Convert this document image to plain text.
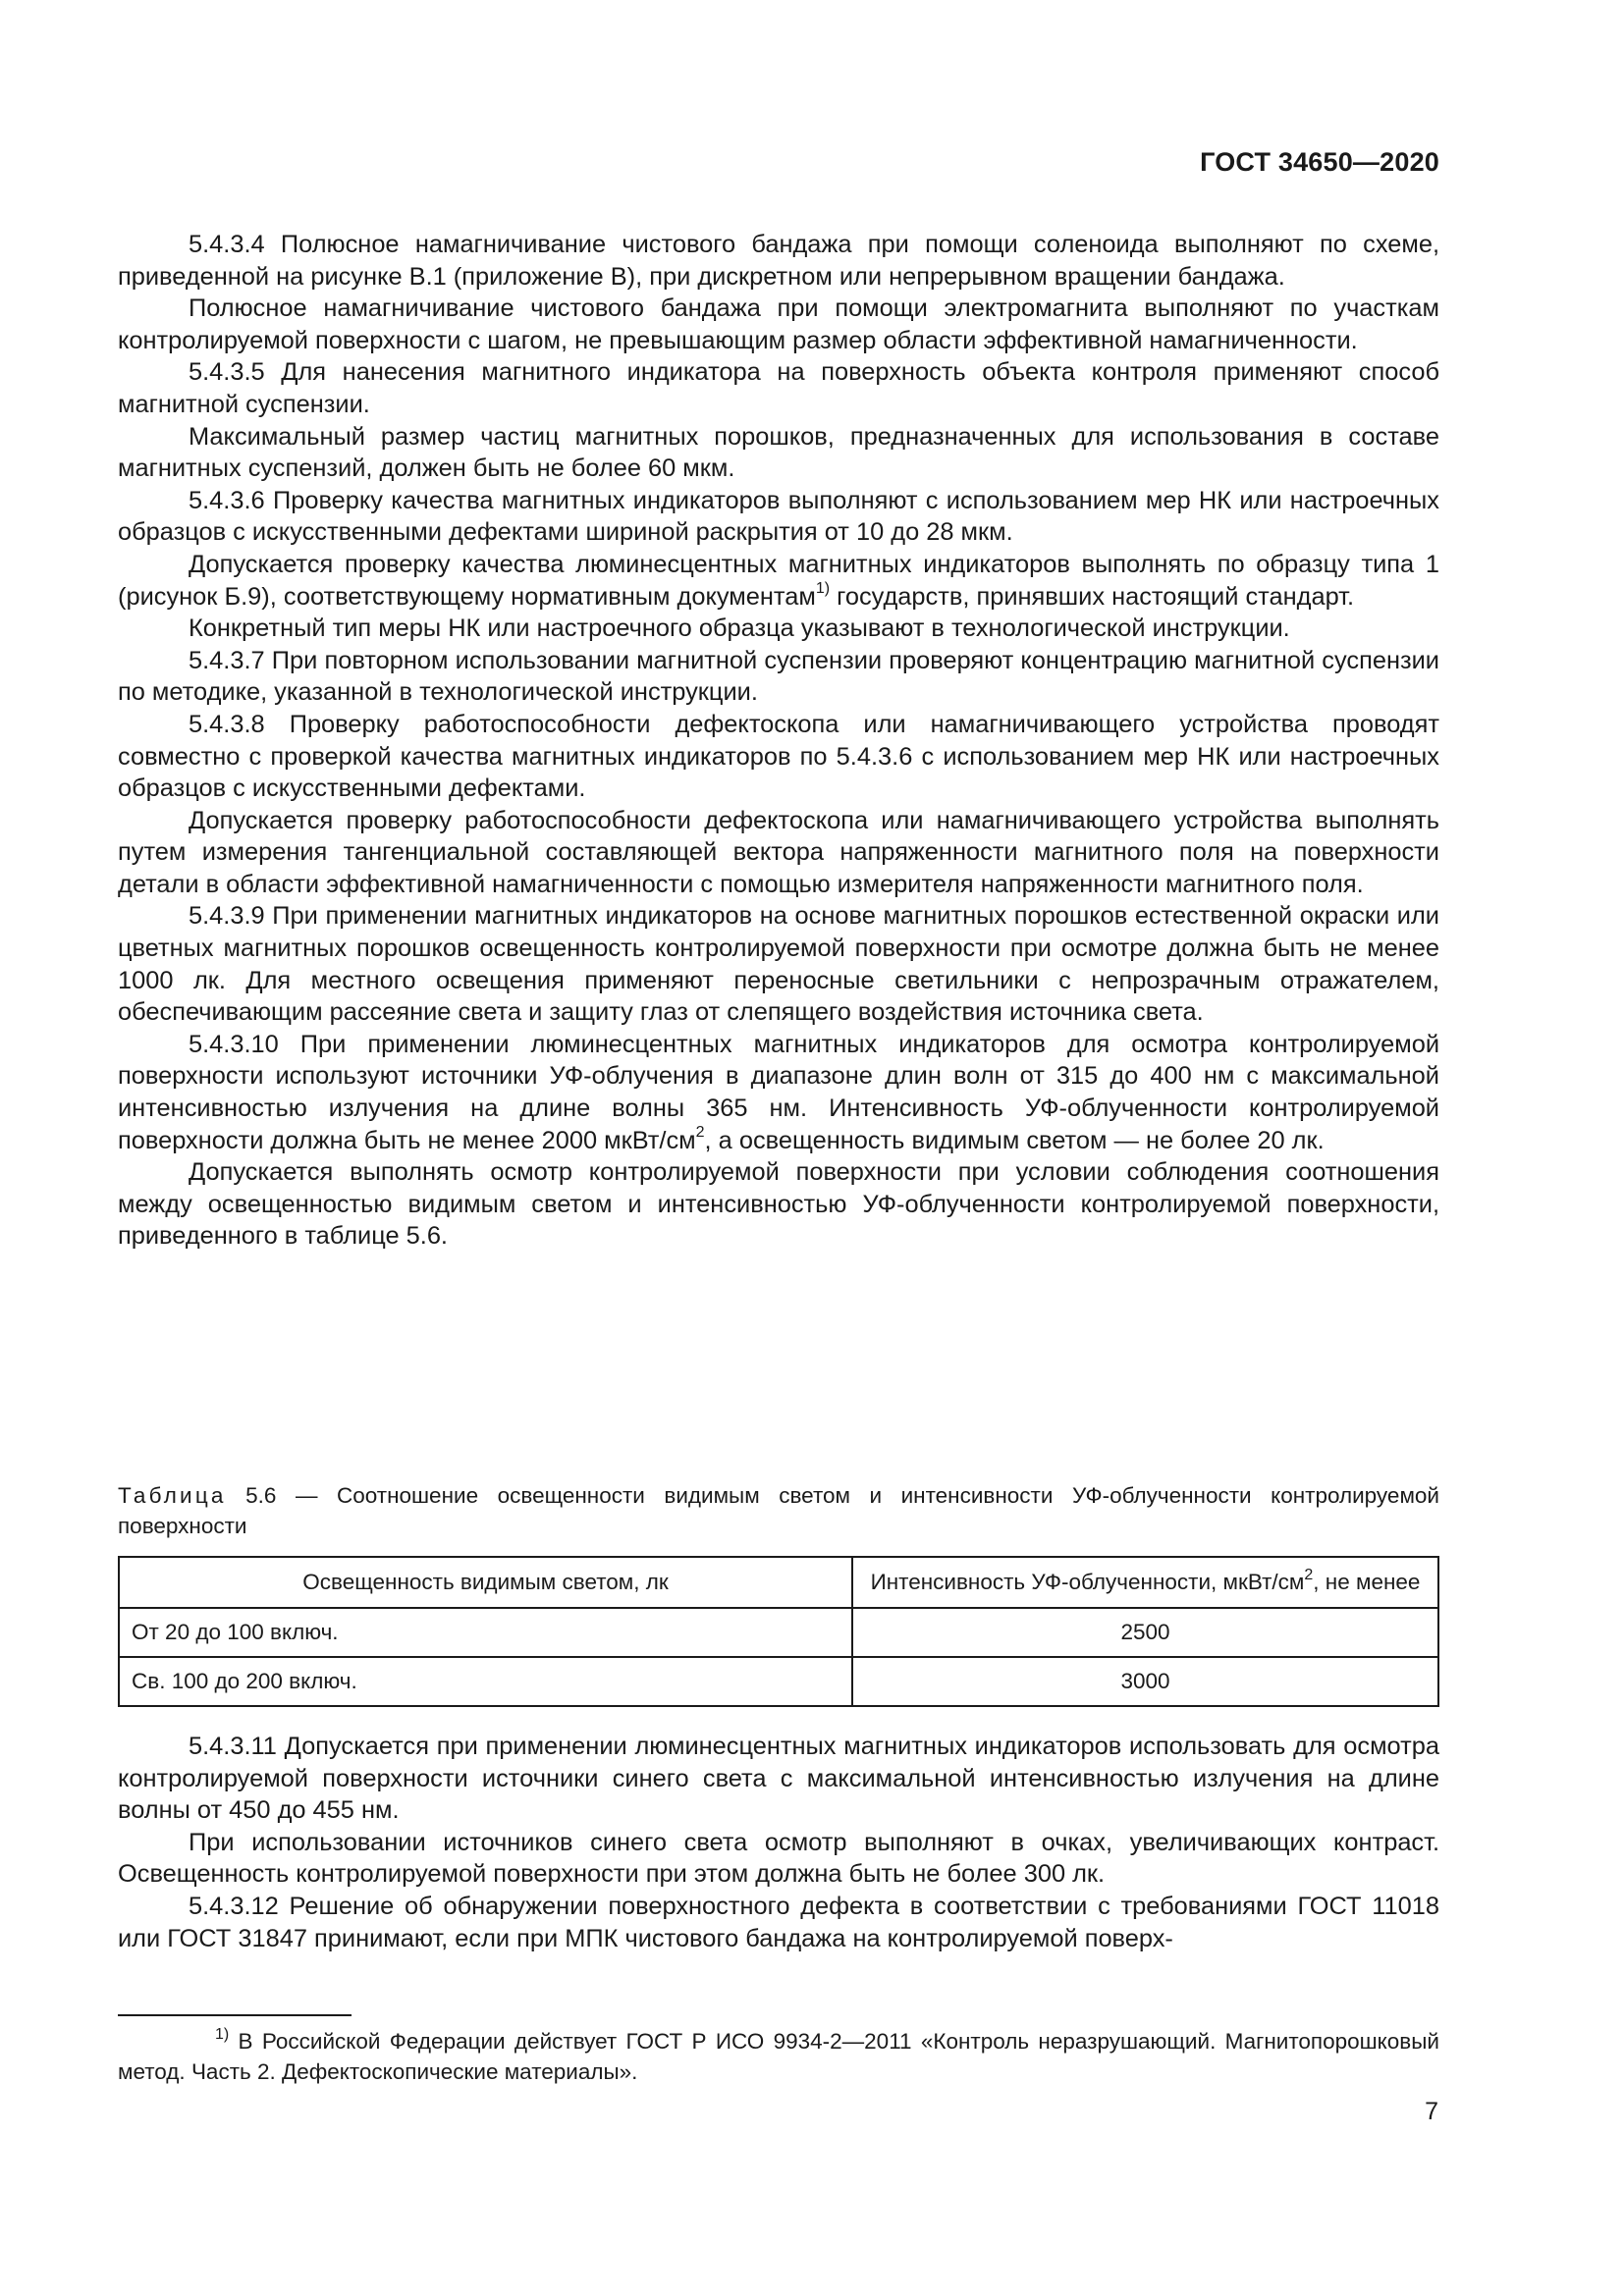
ГОСТ 34650—2020

5.4.3.4 Полюсное намагничивание чистового бандажа при помощи соленоида выполняют по схеме, приведенной на рисунке В.1 (приложение В), при дискретном или непрерывном вращении бандажа.

Полюсное намагничивание чистового бандажа при помощи электромагнита выполняют по участкам контролируемой поверхности с шагом, не превышающим размер области эффективной намагниченности.

5.4.3.5 Для нанесения магнитного индикатора на поверхность объекта контроля применяют способ магнитной суспензии.

Максимальный размер частиц магнитных порошков, предназначенных для использования в составе магнитных суспензий, должен быть не более 60 мкм.

5.4.3.6 Проверку качества магнитных индикаторов выполняют с использованием мер НК или настроечных образцов с искусственными дефектами шириной раскрытия от 10 до 28 мкм.

Допускается проверку качества люминесцентных магнитных индикаторов выполнять по образцу типа 1 (рисунок Б.9), соответствующему нормативным документам$^{1)}$ государств, принявших настоящий стандарт.

Конкретный тип меры НК или настроечного образца указывают в технологической инструкции.

5.4.3.7 При повторном использовании магнитной суспензии проверяют концентрацию магнитной суспензии по методике, указанной в технологической инструкции.

5.4.3.8 Проверку работоспособности дефектоскопа или намагничивающего устройства проводят совместно с проверкой качества магнитных индикаторов по 5.4.3.6 с использованием мер НК или настроечных образцов с искусственными дефектами.

Допускается проверку работоспособности дефектоскопа или намагничивающего устройства выполнять путем измерения тангенциальной составляющей вектора напряженности магнитного поля на поверхности детали в области эффективной намагниченности с помощью измерителя напряженности магнитного поля.

5.4.3.9 При применении магнитных индикаторов на основе магнитных порошков естественной окраски или цветных магнитных порошков освещенность контролируемой поверхности при осмотре должна быть не менее 1000 лк. Для местного освещения применяют переносные светильники с непрозрачным отражателем, обеспечивающим рассеяние света и защиту глаз от слепящего воздействия источника света.

5.4.3.10 При применении люминесцентных магнитных индикаторов для осмотра контролируемой поверхности используют источники УФ-облучения в диапазоне длин волн от 315 до 400 нм с максимальной интенсивностью излучения на длине волны 365 нм. Интенсивность УФ-облученности контролируемой поверхности должна быть не менее 2000 мкВт/$см^2$, а освещенность видимым светом — не более 20 лк.

Допускается выполнять осмотр контролируемой поверхности при условии соблюдения соотношения между освещенностью видимым светом и интенсивностью УФ-облученности контролируемой поверхности, приведенного в таблице 5.6.

Таблица 5.6 — Соотношение освещенности видимым светом и интенсивности УФ-облученности контролируемой поверхности
Освещенность видимым светом, лк	Интенсивность УФ-облученности, мкВт/$см^2$, не менее
От 20 до 100 включ.	2500
Св. 100 до 200 включ.	3000

5.4.3.11 Допускается при применении люминесцентных магнитных индикаторов использовать для осмотра контролируемой поверхности источники синего света с максимальной интенсивностью излучения на длине волны от 450 до 455 нм.

При использовании источников синего света осмотр выполняют в очках, увеличивающих контраст. Освещенность контролируемой поверхности при этом должна быть не более 300 лк.

5.4.3.12 Решение об обнаружении поверхностного дефекта в соответствии с требованиями ГОСТ 11018 или ГОСТ 31847 принимают, если при МПК чистового бандажа на контролируемой поверх-

$^{1)}$ В Российской Федерации действует ГОСТ Р ИСО 9934-2—2011 «Контроль неразрушающий. Магнитопорошковый метод. Часть 2. Дефектоскопические материалы».

7
